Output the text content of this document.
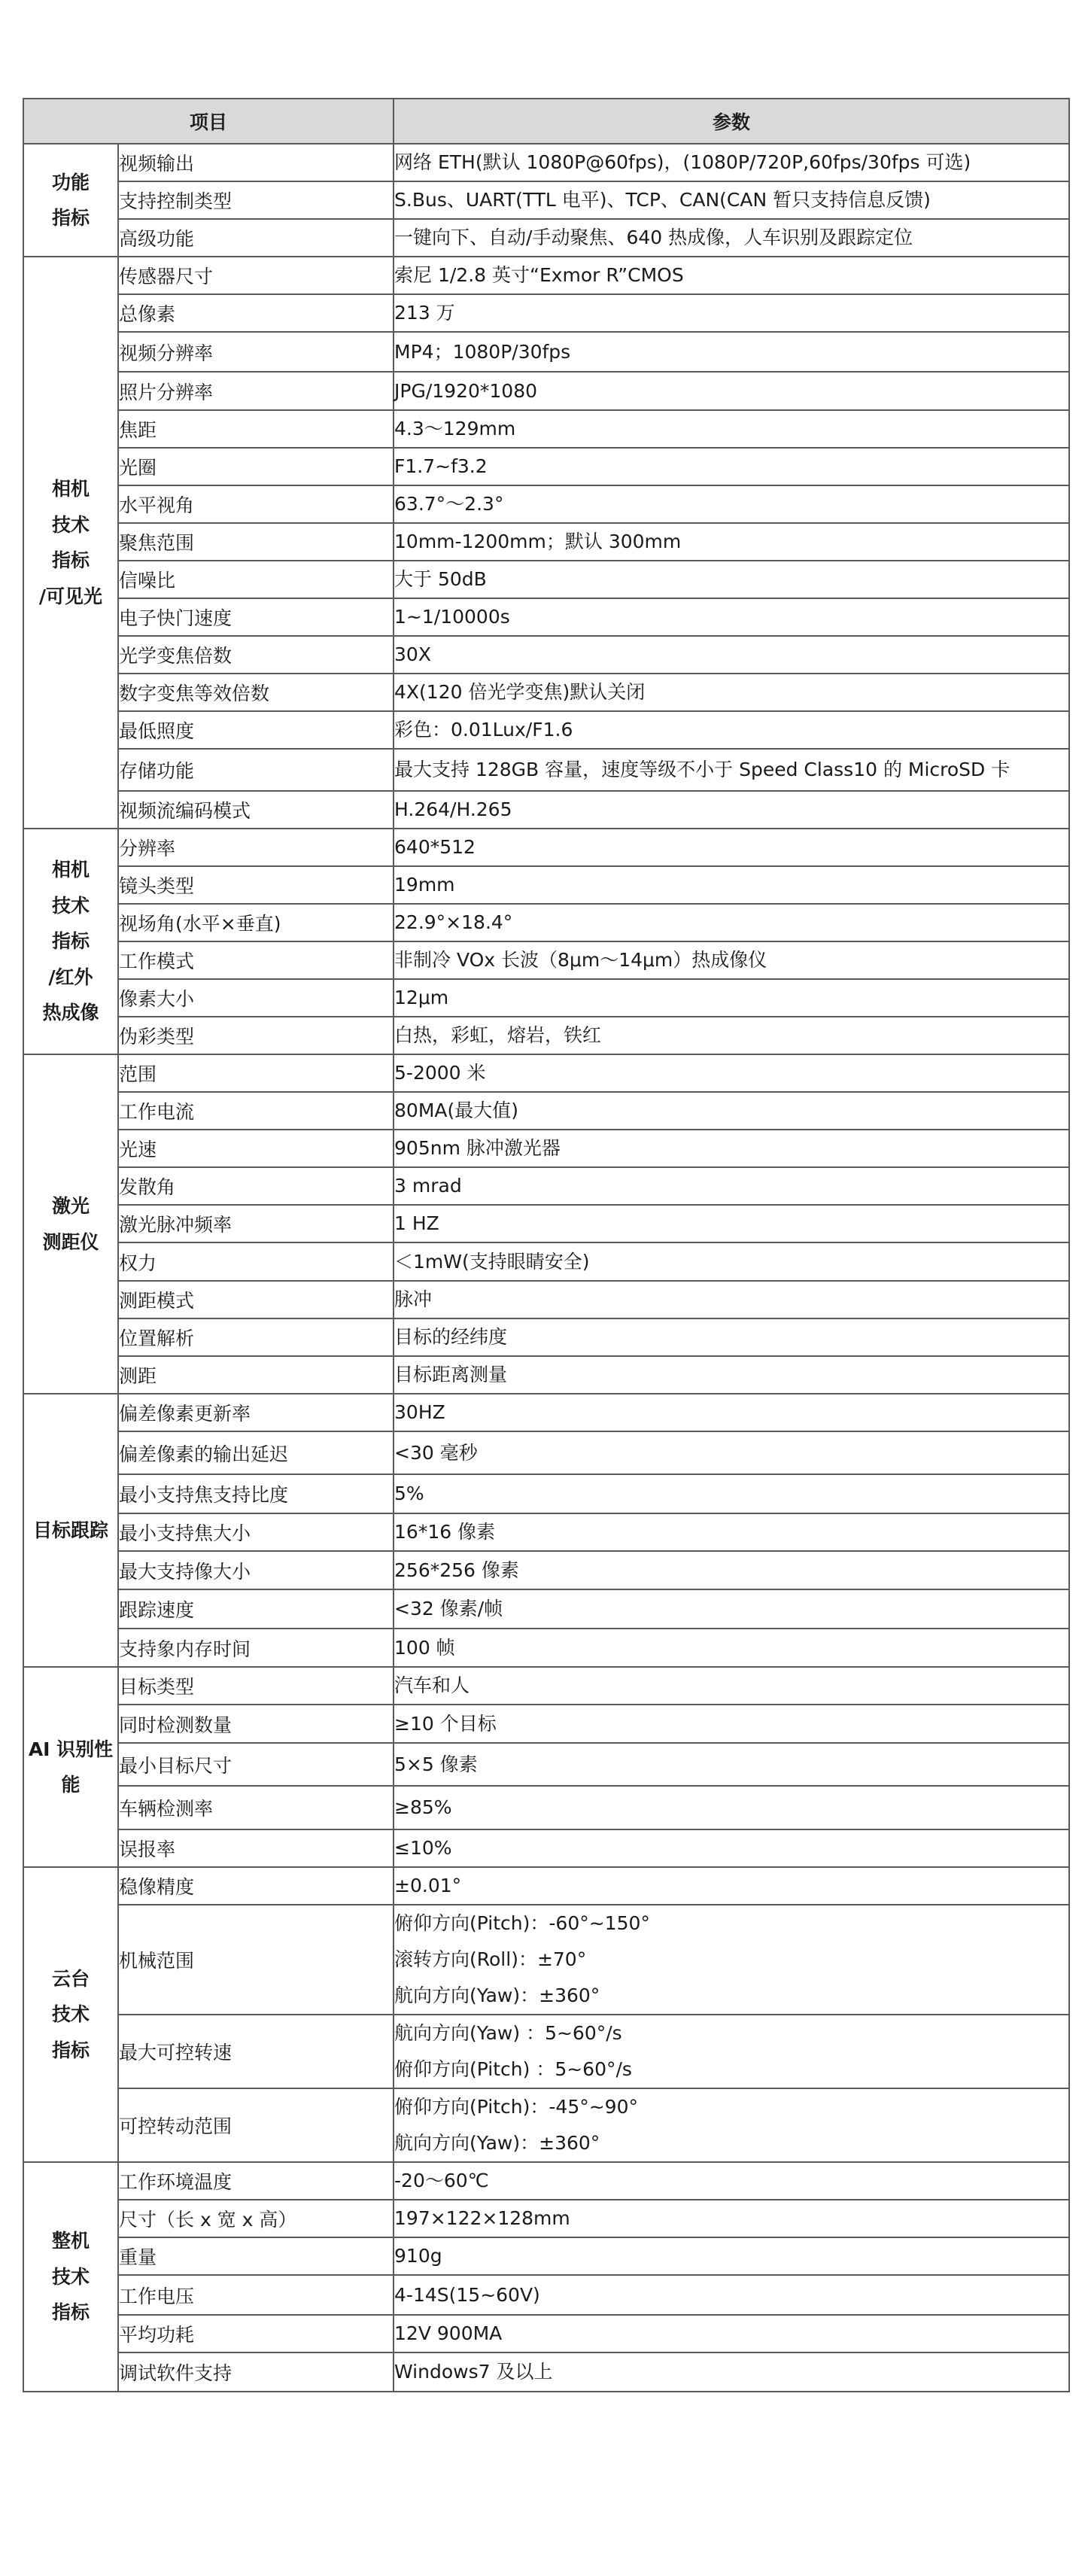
项目		参数
功能
指标	视频输出	网络 ETH(默认 1080P@60fps)，(1080P/720P,60fps/30fps 可选)

	支持控制类型	S.Bus、UART(TTL 电平)、TCP、CAN(CAN 暂只支持信息反馈)

	高级功能	一键向下、自动/手动聚焦、640 热成像，人车识别及跟踪定位

相机
技术
指标
/可见光	传感器尺寸	索尼 1/2.8 英寸“Exmor R”CMOS

	总像素	213 万

	视频分辨率	MP4；1080P/30fps

	照片分辨率	JPG/1920*1080

	焦距	4.3～129mm

	光圈	F1.7~f3.2

	水平视角	63.7°～2.3°

	聚焦范围	10mm-1200mm；默认 300mm

	信噪比	大于 50dB

	电子快门速度	1~1/10000s

	光学变焦倍数	30X

	数字变焦等效倍数	4X(120 倍光学变焦)默认关闭

	最低照度	彩色：0.01Lux/F1.6

	存储功能	最大支持 128GB 容量，速度等级不小于 Speed Class10 的 MicroSD 卡

	视频流编码模式	H.264/H.265

相机
技术
指标
/红外
热成像	分辨率	640*512

	镜头类型	19mm

	视场角(水平×垂直)	22.9°×18.4°

	工作模式	非制冷 VOx 长波（8μm～14μm）热成像仪

	像素大小	12μm

	伪彩类型	白热，彩虹，熔岩，铁红

激光
测距仪	范围	5-2000 米

	工作电流	80MA(最大值)

	光速	905nm 脉冲激光器

	发散角	3 mrad

	激光脉冲频率	1 HZ

	权力	＜1mW(支持眼睛安全)

	测距模式	脉冲

	位置解析	目标的经纬度

	测距	目标距离测量

目标跟踪	偏差像素更新率	30HZ

	偏差像素的输出延迟	<30 毫秒

	最小支持焦支持比度	5%

	最小支持焦大小	16*16 像素

	最大支持像大小	256*256 像素

	跟踪速度	<32 像素/帧

	支持象内存时间	100 帧

AI 识别性
能	目标类型	汽车和人

	同时检测数量	≥10 个目标

	最小目标尺寸	5×5 像素

	车辆检测率	≥85%

	误报率	≤10%

云台
技术
指标	稳像精度	±0.01°

	机械范围	俯仰方向(Pitch)：-60°~150°
滚转方向(Roll)：±70°
航向方向(Yaw)：±360°

	最大可控转速	航向方向(Yaw) ：5~60°/s
俯仰方向(Pitch) ：5~60°/s

	可控转动范围	俯仰方向(Pitch)：-45°~90°
航向方向(Yaw)：±360°

整机
技术
指标	工作环境温度	-20～60℃

	尺寸（长 x 宽 x 高）	197×122×128mm

	重量	910g

	工作电压	4-14S(15~60V)

	平均功耗	12V 900MA

	调试软件支持	Windows7 及以上
